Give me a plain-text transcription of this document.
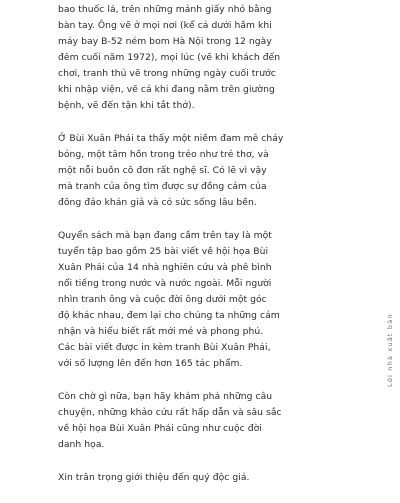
bao thuốc lá, trên những mảnh giấy nhỏ bằng
bàn tay. Ông vẽ ở mọi nơi (kể cả dưới hầm khi
máy bay B-52 ném bom Hà Nội trong 12 ngày
đêm cuối năm 1972), mọi lúc (vẽ khi khách đến
chơi, tranh thủ vẽ trong những ngày cuối trước
khi nhập viện, vẽ cả khi đang nằm trên giường
bệnh, vẽ đến tận khi tắt thở).

Ở Bùi Xuân Phái ta thấy một niềm đam mê cháy
bỏng, một tâm hồn trong trẻo như trẻ thơ, và
một nỗi buồn cô đơn rất nghệ sĩ. Có lẽ vì vậy
mà tranh của ông tìm được sự đồng cảm của
đông đảo khán giả và có sức sống lâu bền.

Quyển sách mà bạn đang cầm trên tay là một
tuyển tập bao gồm 25 bài viết về hội họa Bùi
Xuân Phái của 14 nhà nghiên cứu và phê bình
nổi tiếng trong nước và nước ngoài. Mỗi người
nhìn tranh ông và cuộc đời ông dưới một góc
độ khác nhau, đem lại cho chúng ta những cảm
nhận và hiểu biết rất mới mẻ và phong phú.
Các bài viết được in kèm tranh Bùi Xuân Phái,
với số lượng lên đến hơn 165 tác phẩm.

Còn chờ gì nữa, bạn hãy khám phá những câu
chuyện, những khảo cứu rất hấp dẫn và sâu sắc
về hội họa Bùi Xuân Phái cũng như cuộc đời
danh họa.

Xin trân trọng giới thiệu đến quý độc giả.

Lời nhà xuất bản
